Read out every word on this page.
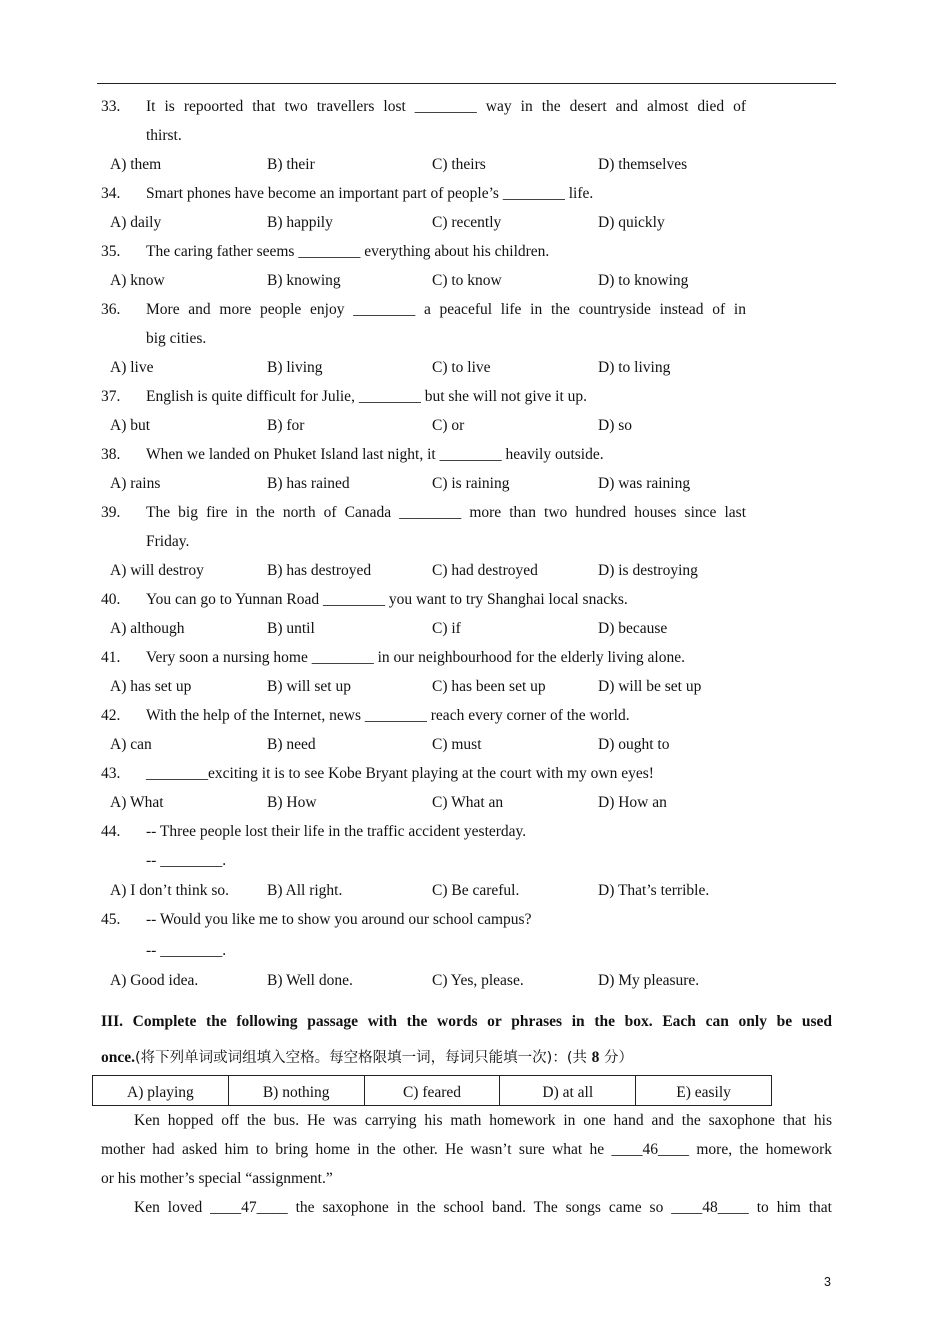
33. It is repoorted that two travellers lost ________ way in the desert and almost died of
thirst.
A) them	B) their	C) theirs	D) themselves
34. Smart phones have become an important part of people’s ________ life.
A) daily	B) happily	C) recently	D) quickly
35. The caring father seems ________ everything about his children.
A) know	B) knowing	C) to know	D) to knowing
36. More and more people enjoy ________ a peaceful life in the countryside instead of in
big cities.
A) live	B) living	C) to live	D) to living
37. English is quite difficult for Julie, ________ but she will not give it up.
A) but	B) for	C) or	D) so
38. When we landed on Phuket Island last night, it ________ heavily outside.
A) rains	B) has rained	C) is raining	D) was raining
39. The big fire in the north of Canada ________ more than two hundred houses since last
Friday.
A) will destroy	B) has destroyed	C) had destroyed	D) is destroying
40. You can go to Yunnan Road ________ you want to try Shanghai local snacks.
A) although	B) until	C) if	D) because
41. Very soon a nursing home ________ in our neighbourhood for the elderly living alone.
A) has set up	B) will set up	C) has been set up	D) will be set up
42. With the help of the Internet, news ________ reach every corner of the world.
A) can	B) need	C) must	D) ought to
43. ________exciting it is to see Kobe Bryant playing at the court with my own eyes!
A) What	B) How	C) What an	D) How an
44. -- Three people lost their life in the traffic accident yesterday.
-- ________.
A) I don’t think so. B) All right.	C) Be careful.	D) That’s terrible.
45. -- Would you like me to show you around our school campus?
-- ________.
A) Good idea.	B) Well done.	C) Yes, please.	D) My pleasure.
III. Complete the following passage with the words or phrases in the box. Each can only be used
once.(将下列单词或词组填入空格。每空格限填一词，每词只能填一次)：(共 8 分）
A) playing	B) nothing	C) feared	D) at all	E) easily
Ken hopped off the bus. He was carrying his math homework in one hand and the saxophone that his
mother had asked him to bring home in the other. He wasn’t sure what he ____46____ more, the homework
or his mother’s special “assignment.”
Ken loved ____47____ the saxophone in the school band. The songs came so ____48____ to him that
3
